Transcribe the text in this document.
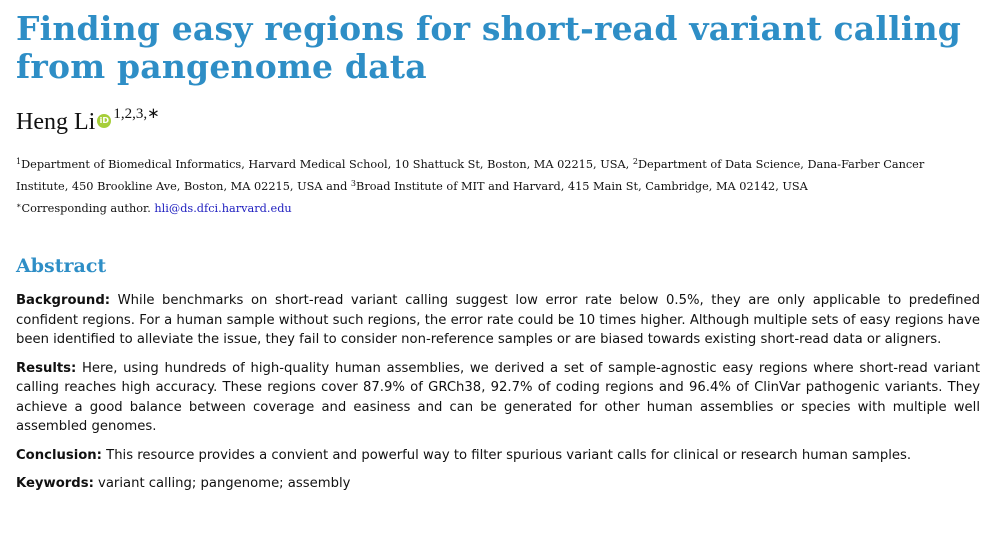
Finding easy regions for short-read variant calling from pangenome data
Heng Li iD 1,2,3,∗
$^1$Department of Biomedical Informatics, Harvard Medical School, 10 Shattuck St, Boston, MA 02215, USA, $^2$Department of Data Science, Dana-Farber Cancer Institute, 450 Brookline Ave, Boston, MA 02215, USA and $^3$Broad Institute of MIT and Harvard, 415 Main St, Cambridge, MA 02142, USA
∗Corresponding author. hli@ds.dfci.harvard.edu
Abstract

Background: While benchmarks on short-read variant calling suggest low error rate below 0.5%, they are only applicable to predefined confident regions. For a human sample without such regions, the error rate could be 10 times higher. Although multiple sets of easy regions have been identified to alleviate the issue, they fail to consider non-reference samples or are biased towards existing short-read data or aligners.

Results: Here, using hundreds of high-quality human assemblies, we derived a set of sample-agnostic easy regions where short-read variant calling reaches high accuracy. These regions cover 87.9% of GRCh38, 92.7% of coding regions and 96.4% of ClinVar pathogenic variants. They achieve a good balance between coverage and easiness and can be generated for other human assemblies or species with multiple well assembled genomes.

Conclusion: This resource provides a convient and powerful way to filter spurious variant calls for clinical or research human samples.

Keywords: variant calling; pangenome; assembly
